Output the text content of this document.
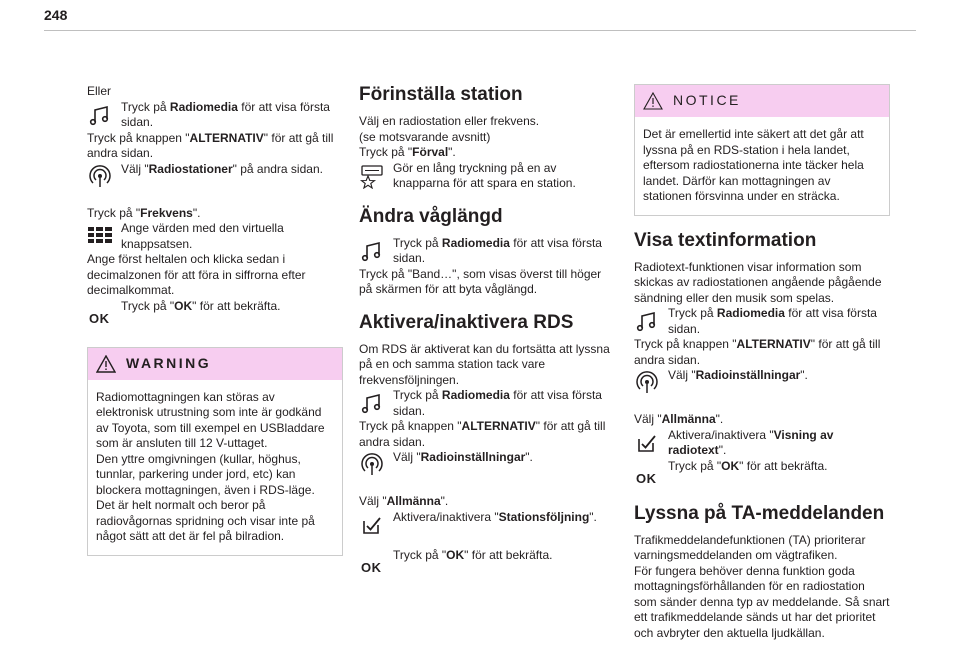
248

Eller

Tryck på Radiomedia för att visa första sidan.

Tryck på knappen "ALTERNATIV" för att gå till andra sidan.

Välj "Radiostationer" på andra sidan.

Tryck på "Frekvens".

Ange värden med den virtuella knappsatsen.

Ange först heltalen och klicka sedan i decimalzonen för att föra in siffrorna efter decimalkommat.

OK
Tryck på "OK" för att bekräfta.
WARNING
Radiomottagningen kan störas av elektronisk utrustning som inte är godkänd av Toyota, som till exempel en USBladdare som är ansluten till 12 V-uttaget.
Den yttre omgivningen (kullar, höghus, tunnlar, parkering under jord, etc) kan blockera mottagningen, även i RDS-läge. Det är helt normalt och beror på radiovågornas spridning och visar inte på något sätt att det är fel på bilradion.
Förinställa station

Välj en radiostation eller frekvens.
(se motsvarande avsnitt)

Tryck på "Förval".

Gör en lång tryckning på en av knapparna för att spara en station.
Ändra våglängd
Tryck på Radiomedia för att visa första sidan.

Tryck på "Band…", som visas överst till höger på skärmen för att byta våglängd.

Aktivera/inaktivera RDS

Om RDS är aktiverat kan du fortsätta att lyssna på en och samma station tack vare frekvensföljningen.

Tryck på Radiomedia för att visa första sidan.

Tryck på knappen "ALTERNATIV" för att gå till andra sidan.

Välj "Radioinställningar".

Välj "Allmänna".

Aktivera/inaktivera "Stationsföljning".
OK
Tryck på "OK" för att bekräfta.
NOTICE
Det är emellertid inte säkert att det går att lyssna på en RDS-station i hela landet, eftersom radiostationerna inte täcker hela landet. Därför kan mottagningen av stationen försvinna under en sträcka.
Visa textinformation

Radiotext-funktionen visar information som skickas av radiostationen angående pågående sändning eller den musik som spelas.

Tryck på Radiomedia för att visa första sidan.

Tryck på knappen "ALTERNATIV" för att gå till andra sidan.

Välj "Radioinställningar".

Välj "Allmänna".

Aktivera/inaktivera "Visning av radiotext".
OK
Tryck på "OK" för att bekräfta.
Lyssna på TA-meddelanden

Trafikmeddelandefunktionen (TA) prioriterar varningsmeddelanden om vägtrafiken.
För fungera behöver denna funktion goda mottagningsförhållanden för en radiostation som sänder denna typ av meddelande. Så snart ett trafikmeddelande sänds ut har det prioritet och avbryter den aktuella ljudkällan.
